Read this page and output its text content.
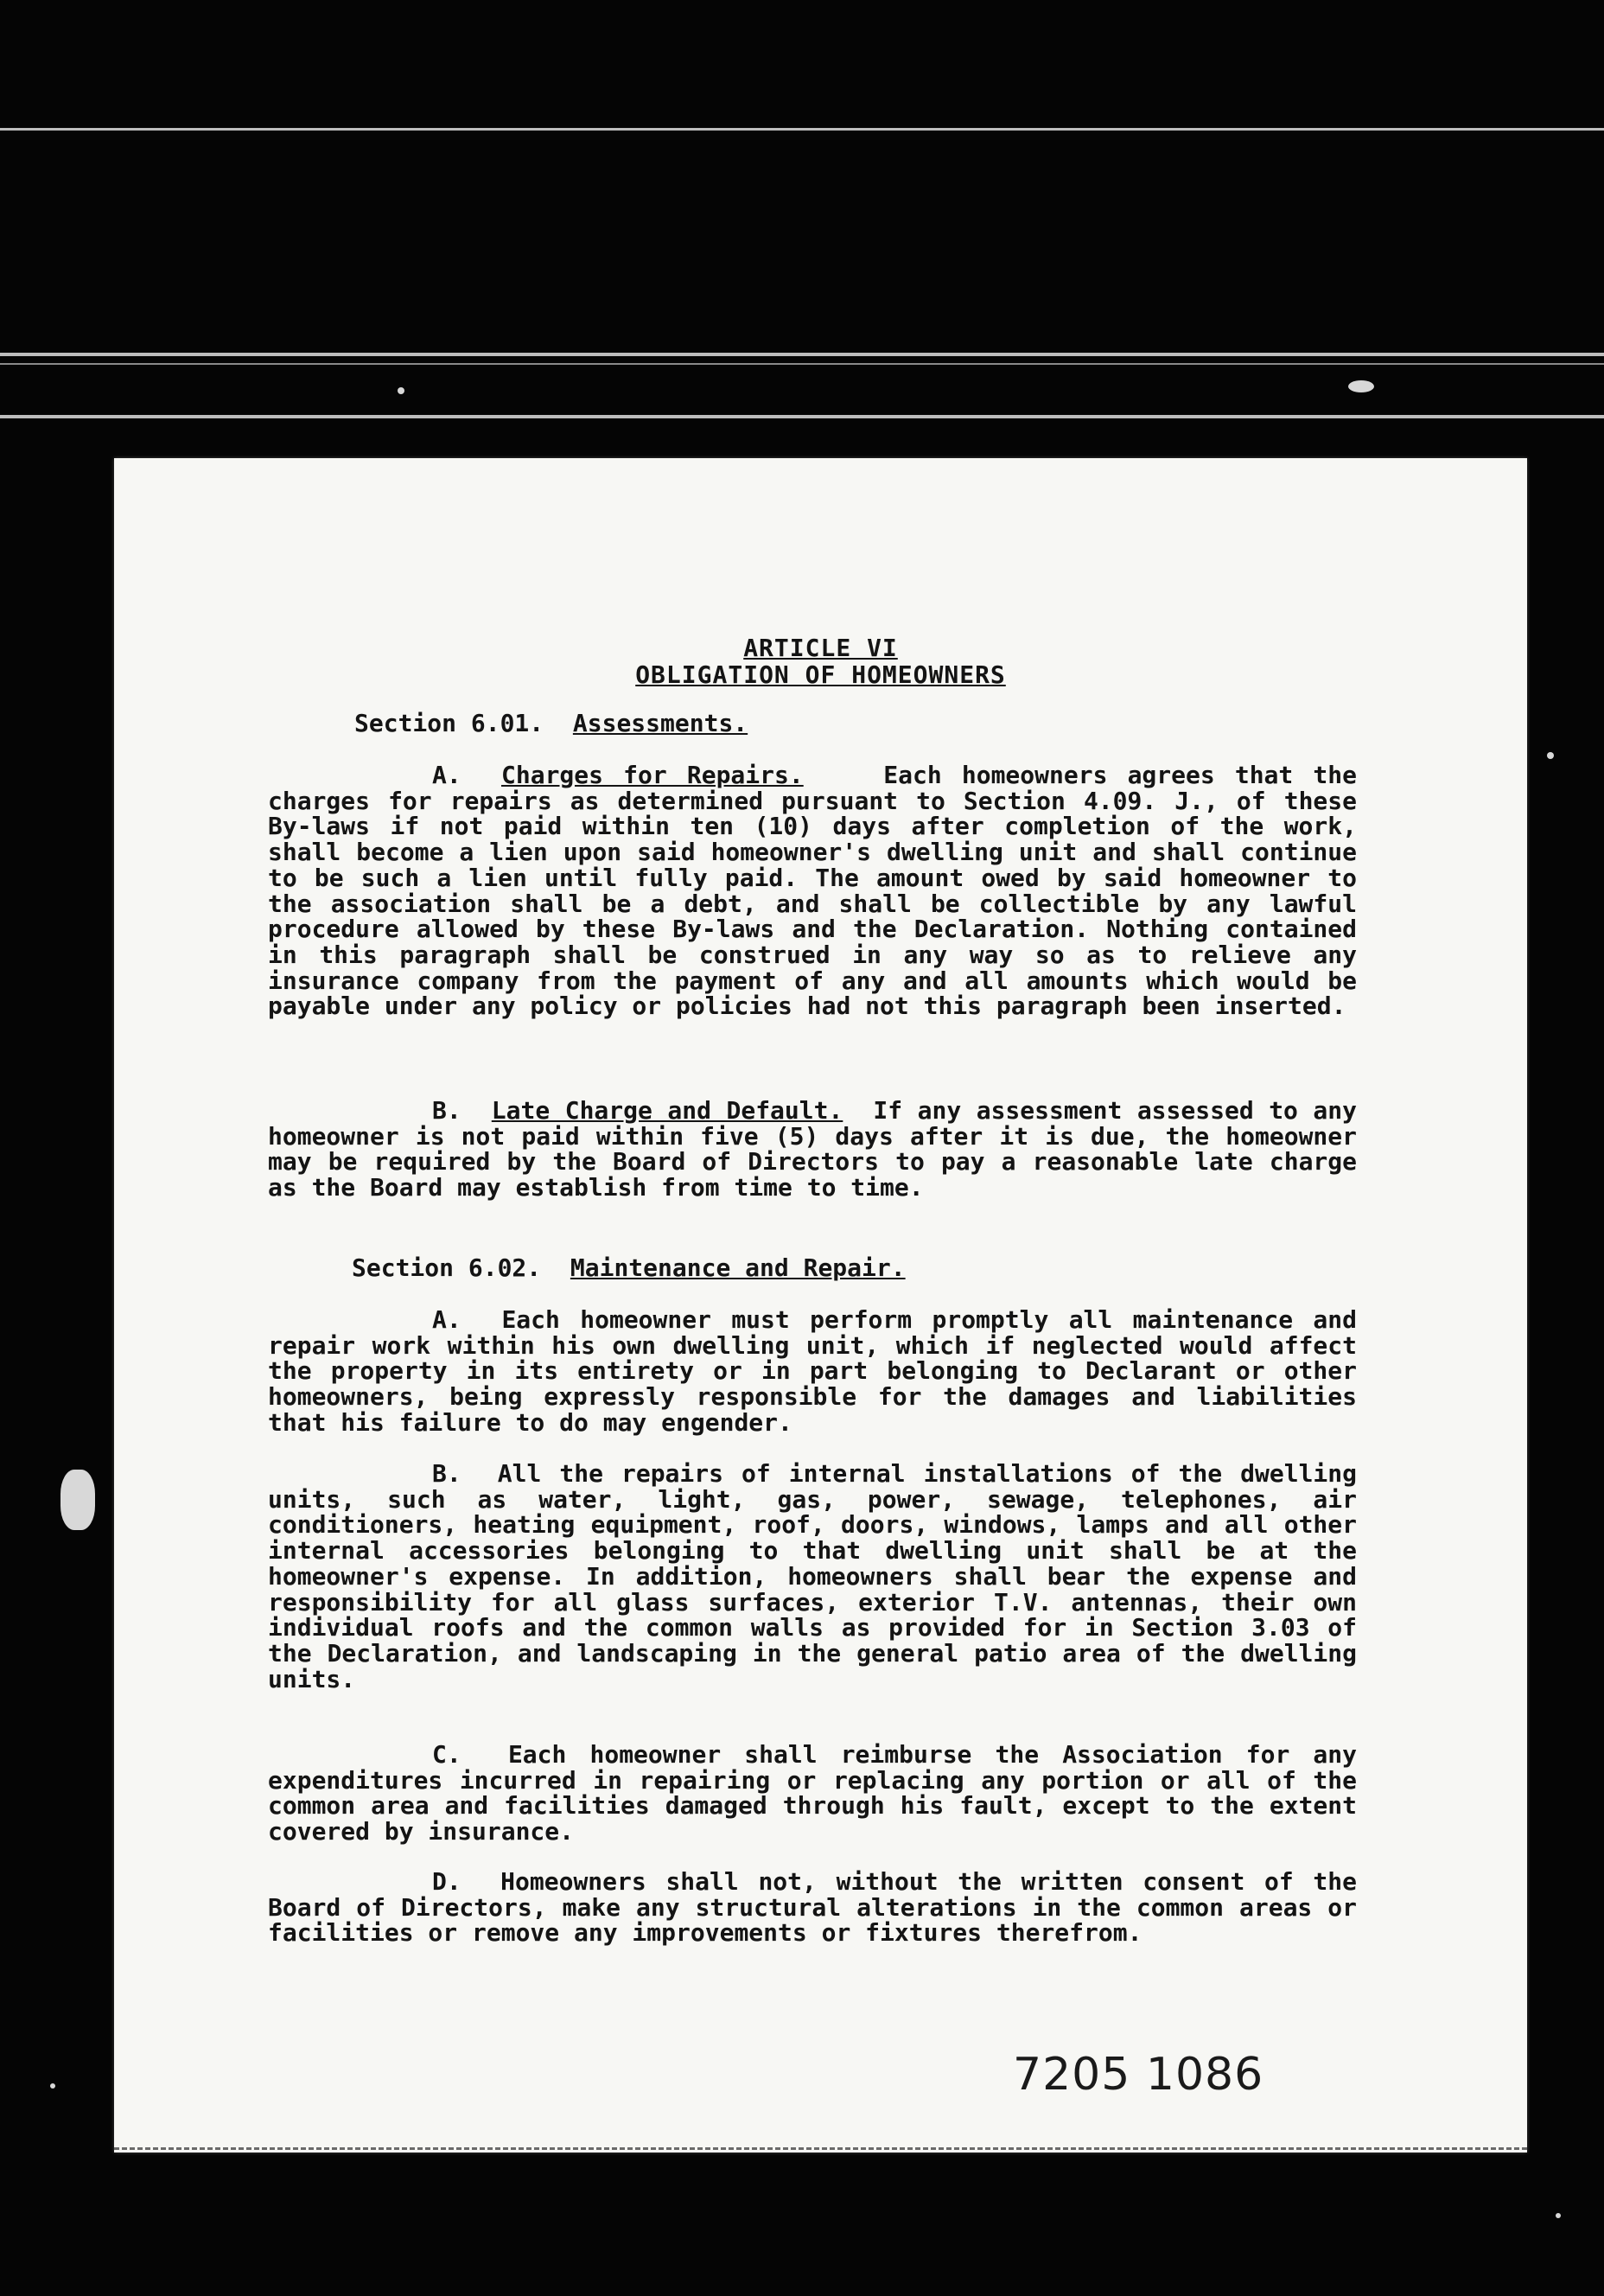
ARTICLE VI
OBLIGATION OF HOMEOWNERS
Section 6.01. Assessments.
A. Charges for Repairs.	Each homeowners agrees that the charges for repairs as determined pursuant to Section 4.09. J., of these By-laws if not paid within ten (10) days after completion of the work, shall become a lien upon said homeowner's dwelling unit and shall continue to be such a lien until fully paid. The amount owed by said homeowner to the association shall be a debt, and shall be collectible by any lawful procedure allowed by these By-laws and the Declaration. Nothing contained in this paragraph shall be construed in any way so as to relieve any insurance company from the payment of any and all amounts which would be payable under any policy or policies had not this paragraph been inserted.
B. Late Charge and Default. If any assessment assessed to any homeowner is not paid within five (5) days after it is due, the homeowner may be required by the Board of Directors to pay a reasonable late charge as the Board may establish from time to time.
Section 6.02. Maintenance and Repair.
A. Each homeowner must perform promptly all maintenance and repair work within his own dwelling unit, which if neglected would affect the property in its entirety or in part belonging to Declarant or other homeowners, being expressly responsible for the damages and liabilities that his failure to do may engender.
B. All the repairs of internal installations of the dwelling units, such as water, light, gas, power, sewage, telephones, air conditioners, heating equipment, roof, doors, windows, lamps and all other internal accessories belonging to that dwelling unit shall be at the homeowner's expense. In addition, homeowners shall bear the expense and responsibility for all glass surfaces, exterior T.V. antennas, their own individual roofs and the common walls as provided for in Section 3.03 of the Declaration, and landscaping in the general patio area of the dwelling units.
C. Each homeowner shall reimburse the Association for any expenditures incurred in repairing or replacing any portion or all of the common area and facilities damaged through his fault, except to the extent covered by insurance.
D. Homeowners shall not, without the written consent of the Board of Directors, make any structural alterations in the common areas or facilities or remove any improvements or fixtures therefrom.
7205 1086
